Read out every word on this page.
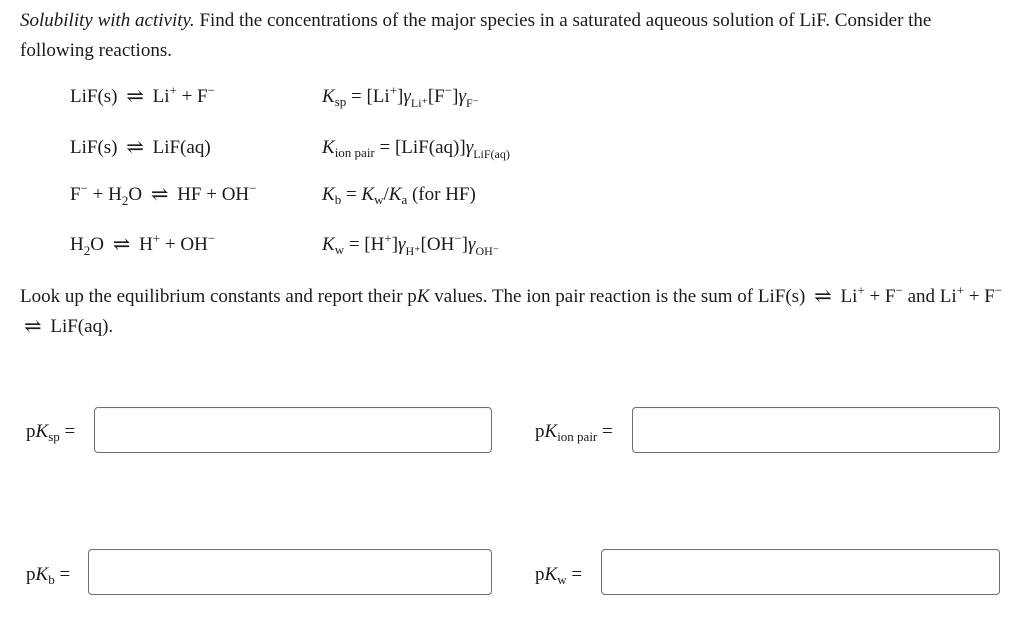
Solubility with activity. Find the concentrations of the major species in a saturated aqueous solution of LiF. Consider the following reactions.
LiF(s) ⇌ Li+ + F−	$K_{sp} = [Li^+]\gamma_{Li^+}[F^-]\gamma_{F^-}$
LiF(s) ⇌ LiF(aq)	$K_{ion pair} = [LiF(aq)]\gamma_{LiF(aq)}$
$F^- + H_2O$ ⇌ HF + OH−	$K_b = K_w/K_a$ (for HF)
$H_2O$ ⇌ H+ + OH−	$K_w = [H^+]\gamma_{H^+}[OH^-]\gamma_{OH^-}$
Look up the equilibrium constants and report their pK values. The ion pair reaction is the sum of LiF(s) ⇌ Li+ + F− and Li+ + F− ⇌ LiF(aq).
$pK_{sp}$ =	$pK_{ion pair}$ =
$pK_b$ =	$pK_w$ =
